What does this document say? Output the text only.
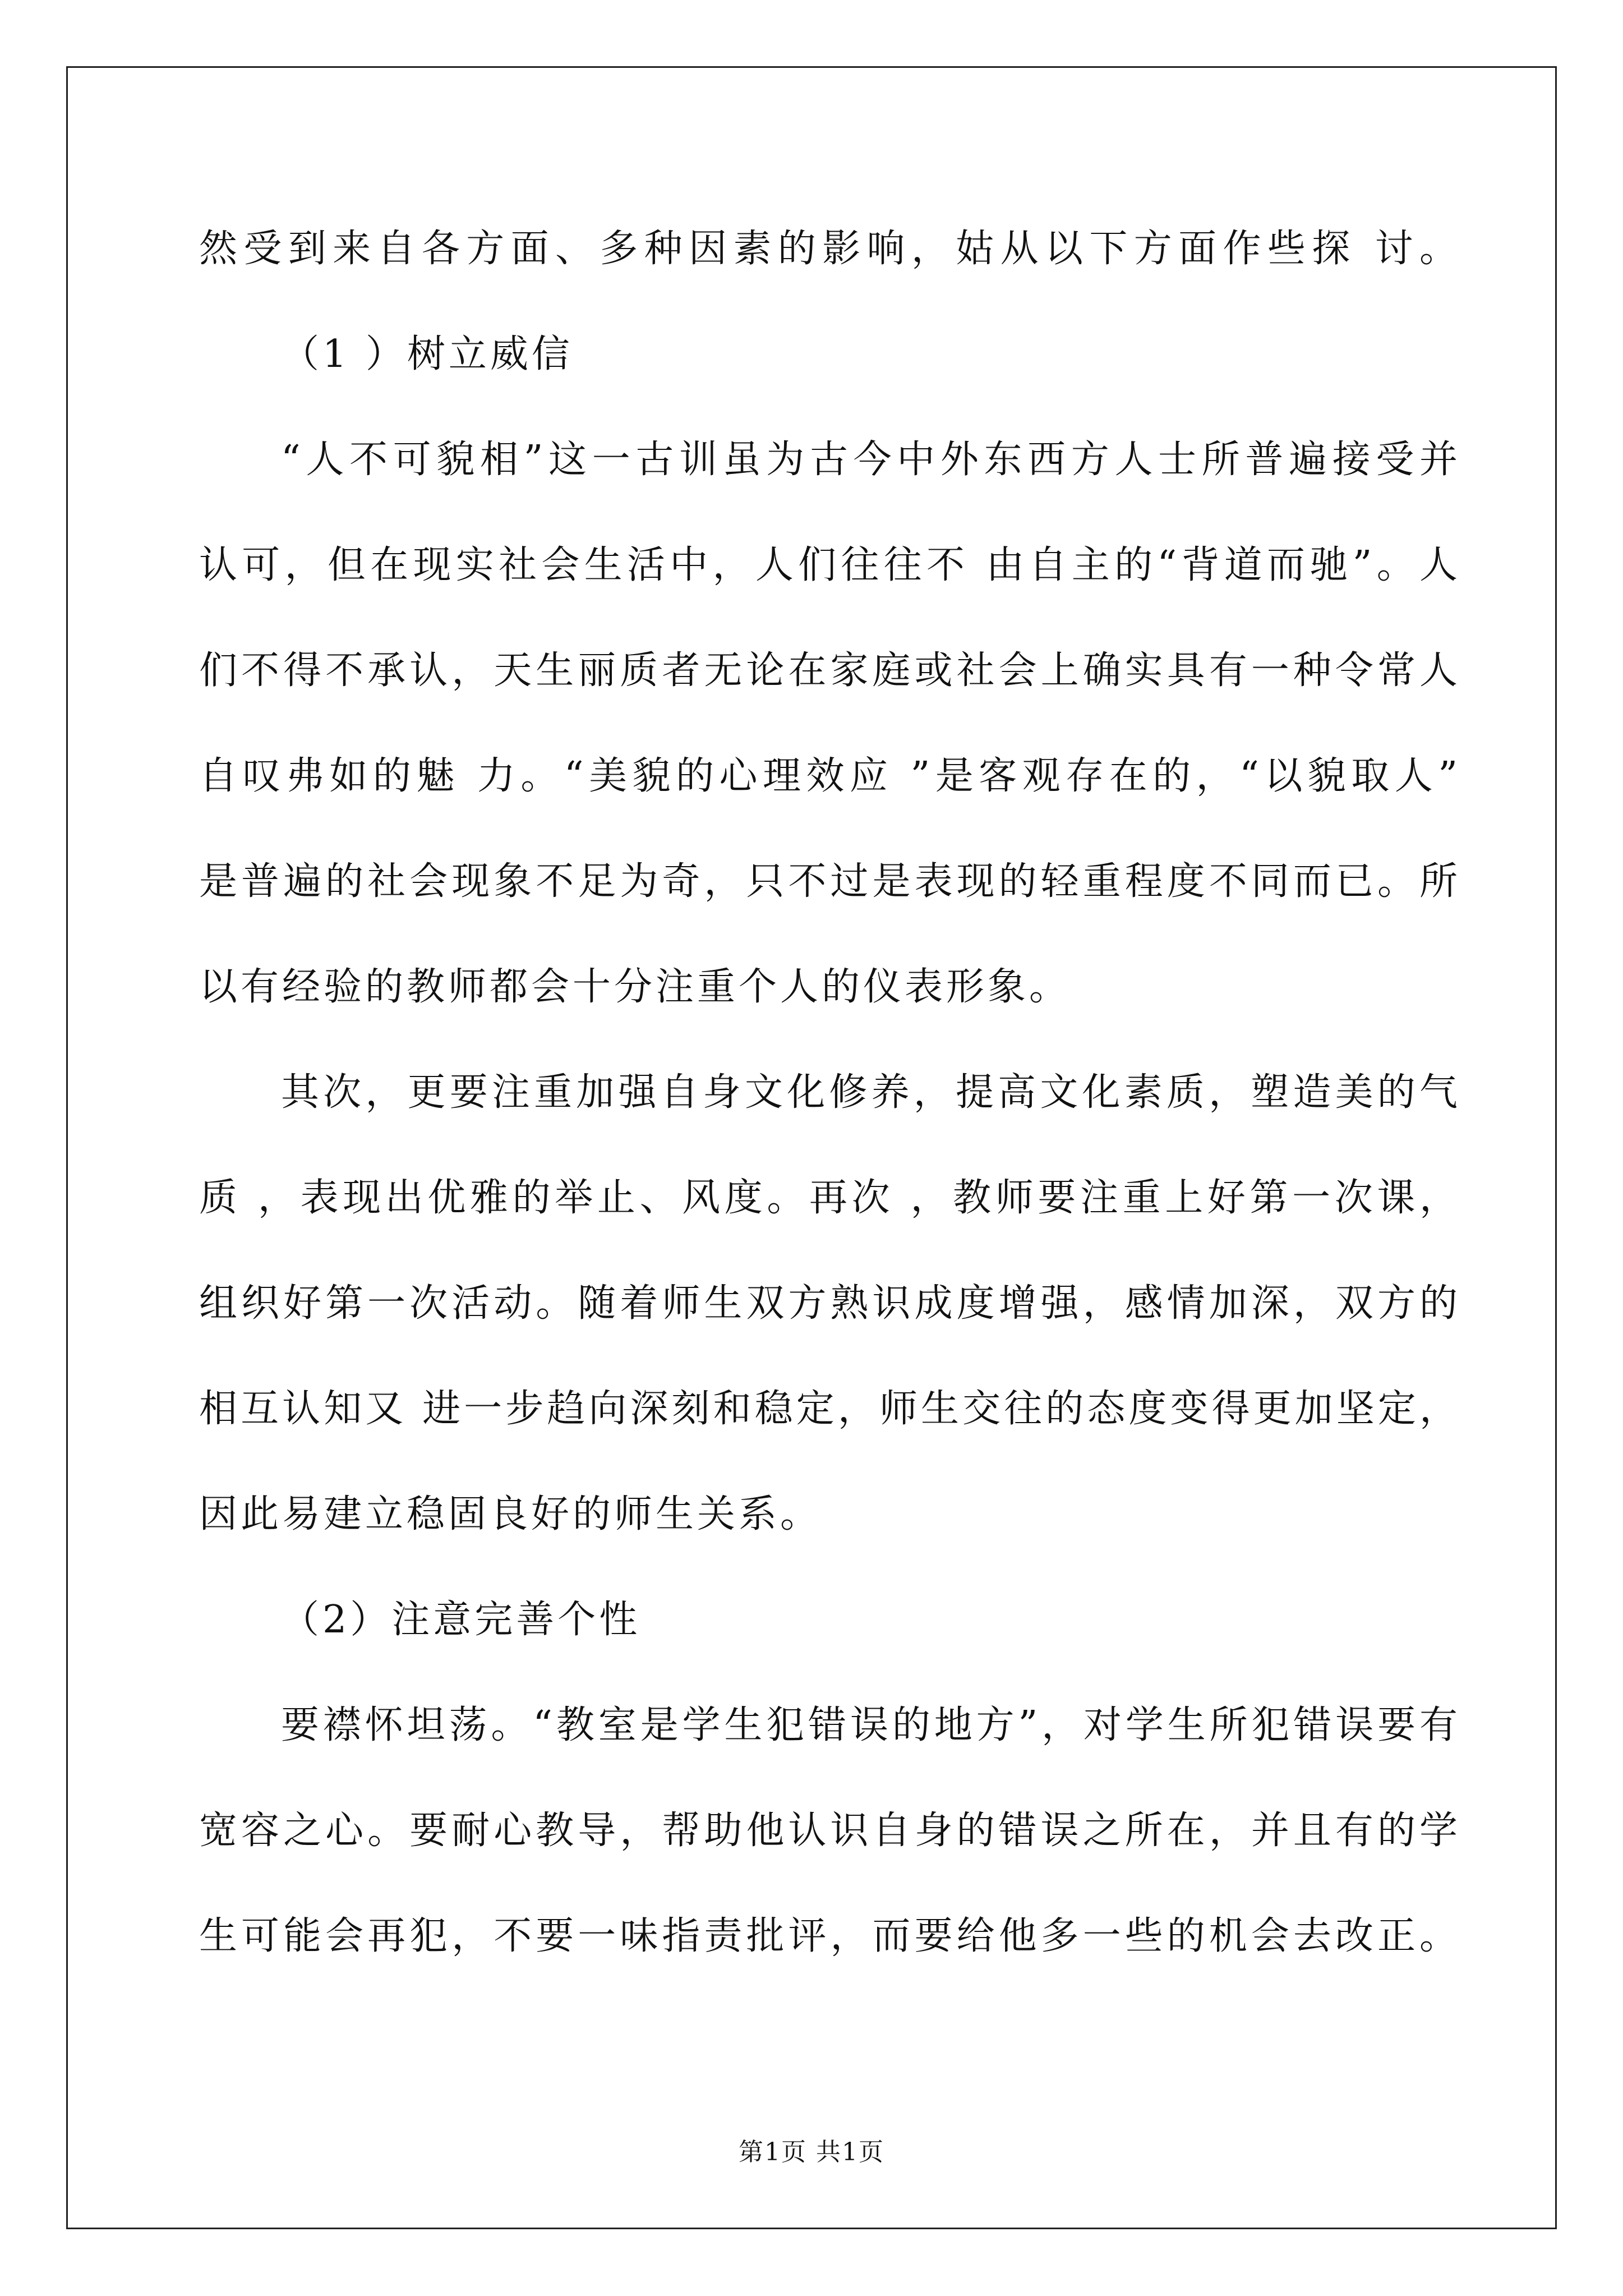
然受到来自各方面、多种因素的影响，姑从以下方面作些探 讨。
（1 ）树立威信
“人不可貌相”这一古训虽为古今中外东西方人士所普遍接受并
认可，但在现实社会生活中，人们往往不 由自主的“背道而驰”。人
们不得不承认，天生丽质者无论在家庭或社会上确实具有一种令常人
自叹弗如的魅 力。“美貌的心理效应 ”是客观存在的，“以貌取人”
是普遍的社会现象不足为奇，只不过是表现的轻重程度不同而已。所
以有经验的教师都会十分注重个人的仪表形象。
其次，更要注重加强自身文化修养，提高文化素质，塑造美的气
质 ，表现出优雅的举止、风度。再次 ，教师要注重上好第一次课，
组织好第一次活动。随着师生双方熟识成度增强，感情加深，双方的
相互认知又 进一步趋向深刻和稳定，师生交往的态度变得更加坚定，
因此易建立稳固良好的师生关系。
（2）注意完善个性
要襟怀坦荡。“教室是学生犯错误的地方”，对学生所犯错误要有
宽容之心。要耐心教导，帮助他认识自身的错误之所在，并且有的学
生可能会再犯，不要一味指责批评，而要给他多一些的机会去改正。
第1页 共1页
